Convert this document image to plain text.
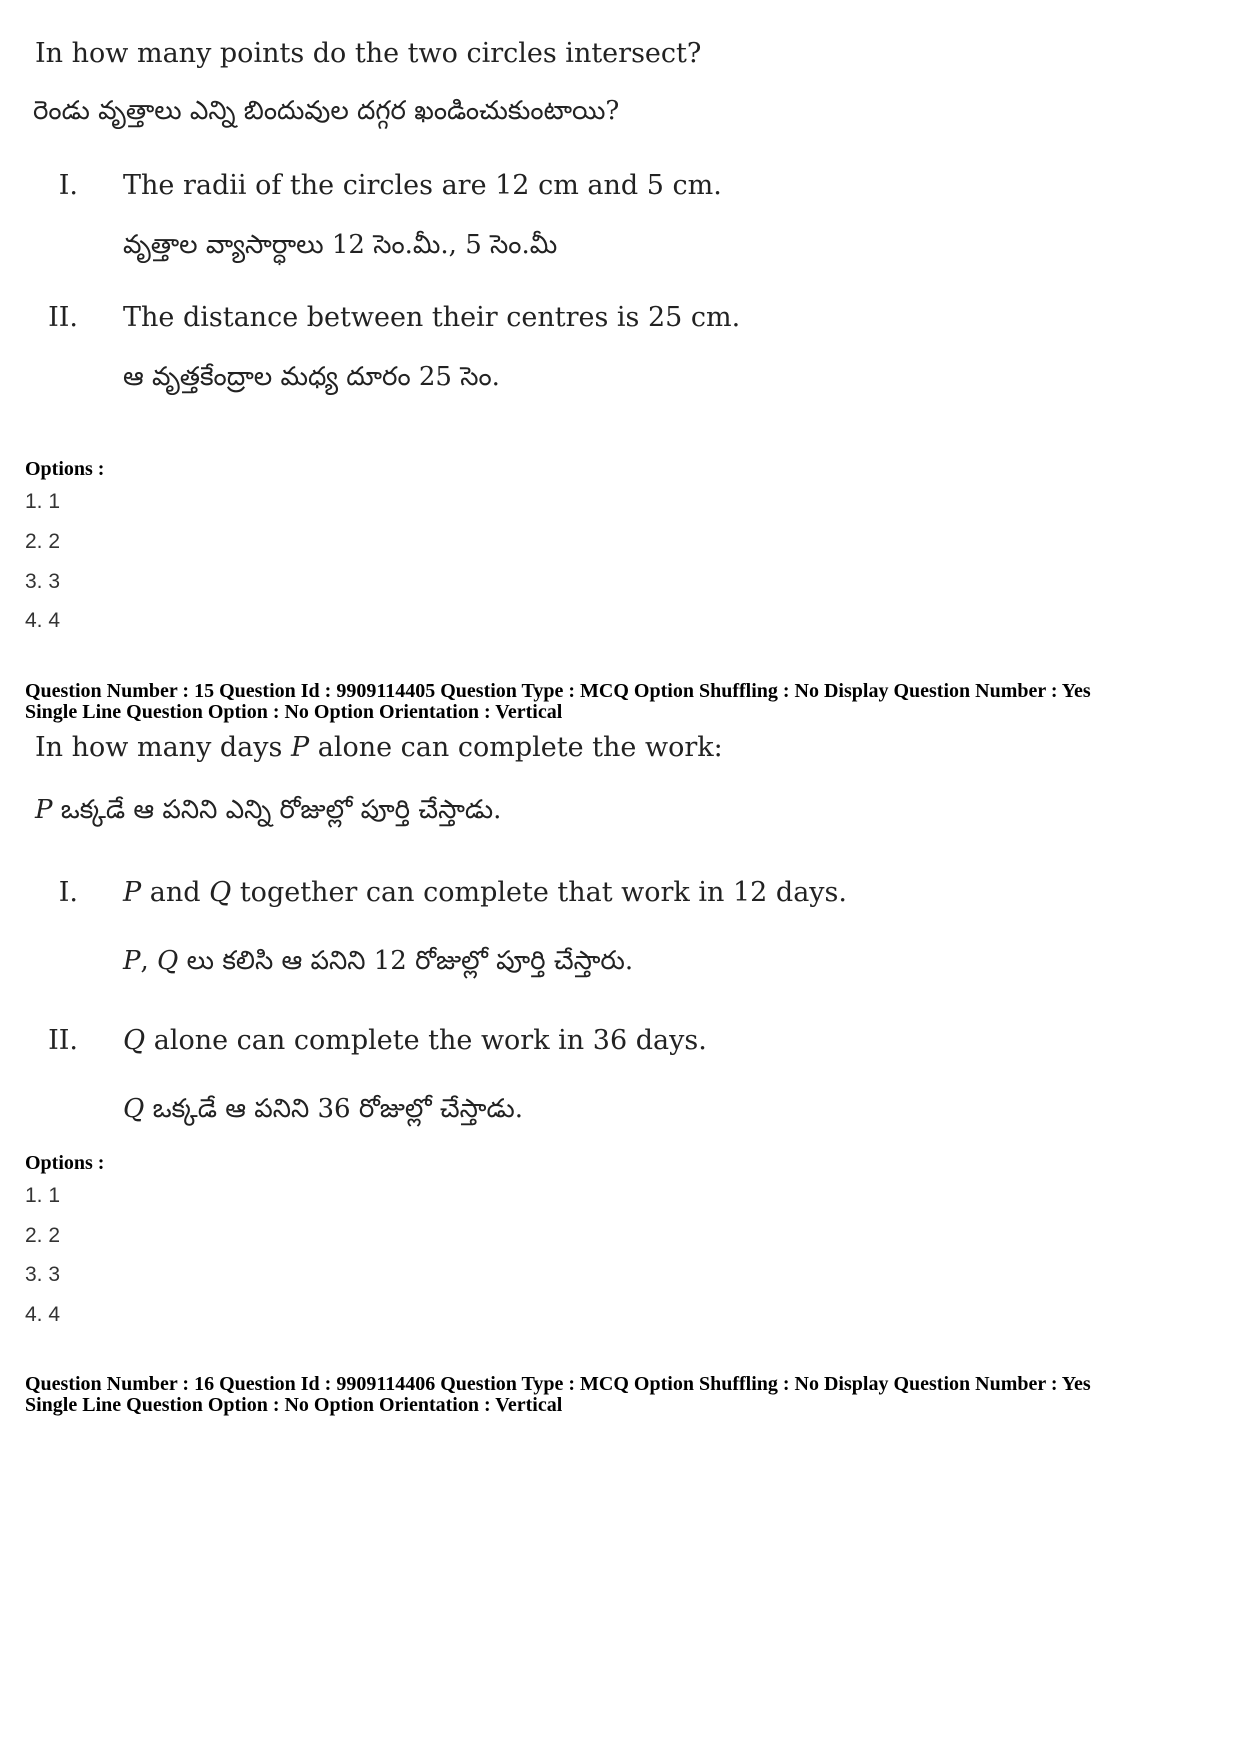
In how many points do the two circles intersect?
రెండు వృత్తాలు ఎన్ని బిందువుల దగ్గర ఖండించుకుంటాయి?
I. The radii of the circles are 12 cm and 5 cm.
వృత్తాల వ్యాసార్ధాలు 12 సెం.మీ., 5 సెం.మీ
II. The distance between their centres is 25 cm.
ఆ వృత్తకేంద్రాల మధ్య దూరం 25 సెం.
Options :
1. 1
2. 2
3. 3
4. 4
Question Number : 15 Question Id : 9909114405 Question Type : MCQ Option Shuffling : No Display Question Number : Yes
Single Line Question Option : No Option Orientation : Vertical
In how many days P alone can complete the work:
P ఒక్కడే ఆ పనిని ఎన్ని రోజుల్లో పూర్తి చేస్తాడు.
I. P and Q together can complete that work in 12 days.
P, Q లు కలిసి ఆ పనిని 12 రోజుల్లో పూర్తి చేస్తారు.
II. Q alone can complete the work in 36 days.
Q ఒక్కడే ఆ పనిని 36 రోజుల్లో చేస్తాడు.
Options :
1. 1
2. 2
3. 3
4. 4
Question Number : 16 Question Id : 9909114406 Question Type : MCQ Option Shuffling : No Display Question Number : Yes
Single Line Question Option : No Option Orientation : Vertical
